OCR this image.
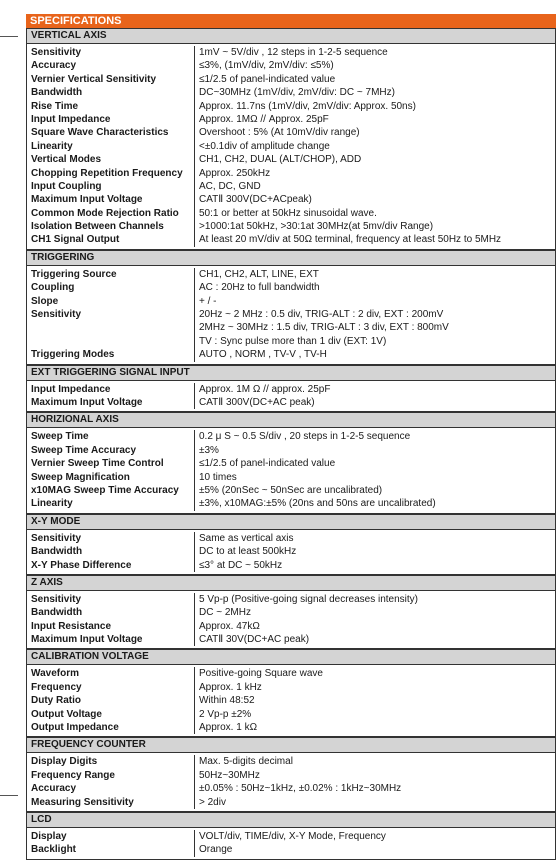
SPECIFICATIONS
VERTICAL AXIS
Sensitivity
Accuracy
Vernier Vertical Sensitivity
Bandwidth
Rise Time
Input Impedance
Square Wave Characteristics
Linearity
Vertical Modes
Chopping Repetition Frequency
Input Coupling
Maximum Input Voltage
Common Mode Rejection Ratio
Isolation Between Channels
CH1 Signal Output
1mV ~ 5V/div , 12 steps in 1-2-5 sequence
≤3%, (1mV/div, 2mV/div: ≤5%)
≤1/2.5 of panel-indicated value
DC~30MHz (1mV/div, 2mV/div: DC ~ 7MHz)
Approx. 11.7ns (1mV/div, 2mV/div: Approx. 50ns)
Approx. 1MΩ // Approx. 25pF
Overshoot : 5% (At 10mV/div range)
<±0.1div of amplitude change
CH1, CH2, DUAL (ALT/CHOP), ADD
Approx. 250kHz
AC, DC, GND
CATⅡ 300V(DC+ACpeak)
50:1 or better at 50kHz sinusoidal wave.
>1000:1at 50kHz, >30:1at 30MHz(at 5mv/div Range)
At least 20 mV/div at 50Ω terminal, frequency at least 50Hz to 5MHz
TRIGGERING
Triggering Source
Coupling
Slope
Sensitivity
Triggering Modes
CH1, CH2, ALT, LINE, EXT
AC : 20Hz to full bandwidth
+ / -
20Hz ~ 2 MHz : 0.5 div, TRIG-ALT : 2 div, EXT : 200mV
2MHz ~ 30MHz : 1.5 div, TRIG-ALT : 3 div, EXT : 800mV
TV : Sync pulse more than 1 div (EXT: 1V)
AUTO , NORM , TV-V , TV-H
EXT TRIGGERING SIGNAL INPUT
Input Impedance
Maximum Input Voltage
Approx. 1M Ω // approx. 25pF
CATⅡ 300V(DC+AC peak)
HORIZIONAL AXIS
Sweep Time
Sweep Time Accuracy
Vernier Sweep Time Control
Sweep Magnification
x10MAG Sweep Time Accuracy
Linearity
0.2 μ S ~ 0.5 S/div , 20 steps in 1-2-5 sequence
±3%
≤1/2.5 of panel-indicated value
10 times
±5% (20nSec ~ 50nSec are uncalibrated)
±3%, x10MAG:±5% (20ns and 50ns are uncalibrated)
X-Y MODE
Sensitivity
Bandwidth
X-Y Phase Difference
Same as vertical axis
DC to at least 500kHz
≤3° at DC ~ 50kHz
Z AXIS
Sensitivity
Bandwidth
Input Resistance
Maximum Input Voltage
5 Vp-p (Positive-going signal decreases intensity)
DC ~ 2MHz
Approx. 47kΩ
CATⅡ 30V(DC+AC peak)
CALIBRATION VOLTAGE
Waveform
Frequency
Duty Ratio
Output Voltage
Output Impedance
Positive-going Square wave
Approx. 1 kHz
Within 48:52
2 Vp-p ±2%
Approx. 1 kΩ
FREQUENCY COUNTER
Display Digits
Frequency Range
Accuracy
Measuring Sensitivity
Max. 5-digits decimal
50Hz~30MHz
±0.05% : 50Hz~1kHz, ±0.02% : 1kHz~30MHz
> 2div
LCD
Display
Backlight
VOLT/div, TIME/div, X-Y Mode, Frequency
Orange
